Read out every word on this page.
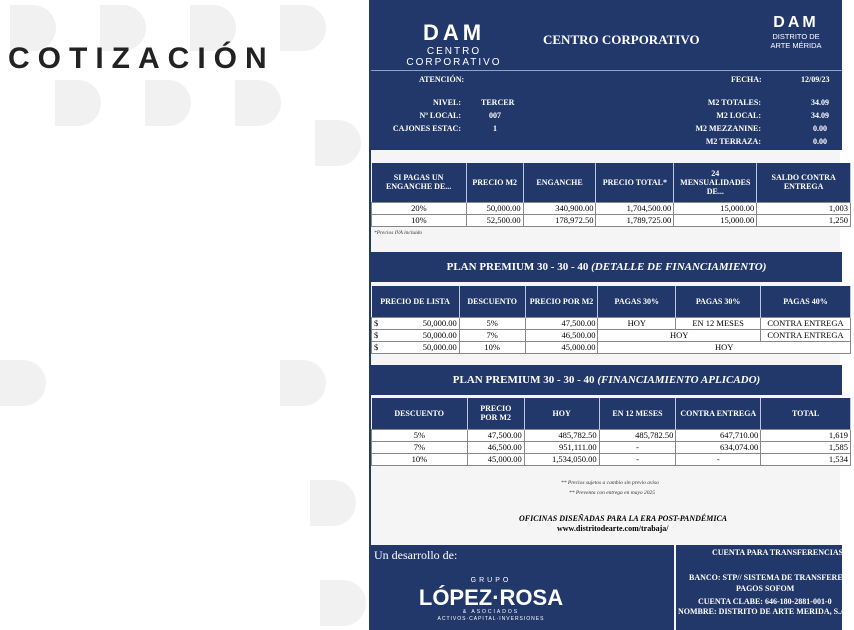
COTIZACIÓN
DAM
CENTRO CORPORATIVO
CENTRO CORPORATIVO
DAM
DISTRITO DE
ARTE MÉRIDA
ATENCIÓN:	FECHA:	12/09/23
NIVEL:	TERCER
Nº LOCAL:	007
CAJONES ESTAC:	1
M2 TOTALES:	34.09
M2 LOCAL:	34.09
M2 MEZZANINE:	0.00
M2 TERRAZA:	0.00
SI PAGAS UN ENGANCHE DE...	PRECIO M2	ENGANCHE	PRECIO TOTAL*	24 MENSUALIDADES DE...	SALDO CONTRA ENTREGA
20%	50,000.00	340,900.00	1,704,500.00	15,000.00	1,003
10%	52,500.00	178,972.50	1,789,725.00	15,000.00	1,250
*Precios IVA incluido
PLAN PREMIUM 30 - 30 - 40 (DETALLE DE FINANCIAMIENTO)
PRECIO DE LISTA	DESCUENTO	PRECIO POR M2	PAGAS 30%	PAGAS 30%	PAGAS 40%

$ 50,000.00	5%	47,500.00	HOY	EN 12 MESES	CONTRA ENTREGA

$ 50,000.00	7%	46,500.00	HOY		CONTRA ENTREGA

$ 50,000.00	10%	45,000.00	HOY		
PLAN PREMIUM 30 - 30 - 40 (FINANCIAMIENTO APLICADO)
DESCUENTO	PRECIO POR M2	HOY	EN 12 MESES	CONTRA ENTREGA	TOTAL
5%	47,500.00	485,782.50	485,782.50	647,710.00	1,619
7%	46,500.00	951,111.00	-	634,074.00	1,585
10%	45,000.00	1,534,050.00	-	-	1,534
** Precios sujetos a cambio sin previo aviso
** Preventa con entrega en mayo 2025
OFICINAS DISEÑADAS PARA LA ERA POST-PANDÉMICA
www.distritodearte.com/trabaja/
Un desarrollo de:
GRUPO
LÓPEZ·ROSA
& ASOCIADOS
ACTIVOS·CAPITAL·INVERSIONES
CUENTA PARA TRANSFERENCIAS
BANCO: STP// SISTEMA DE TRANSFERENC
PAGOS SOFOM
CUENTA CLABE: 646-180-2881-001-0
NOMBRE: DISTRITO DE ARTE MERIDA, S.A.P
